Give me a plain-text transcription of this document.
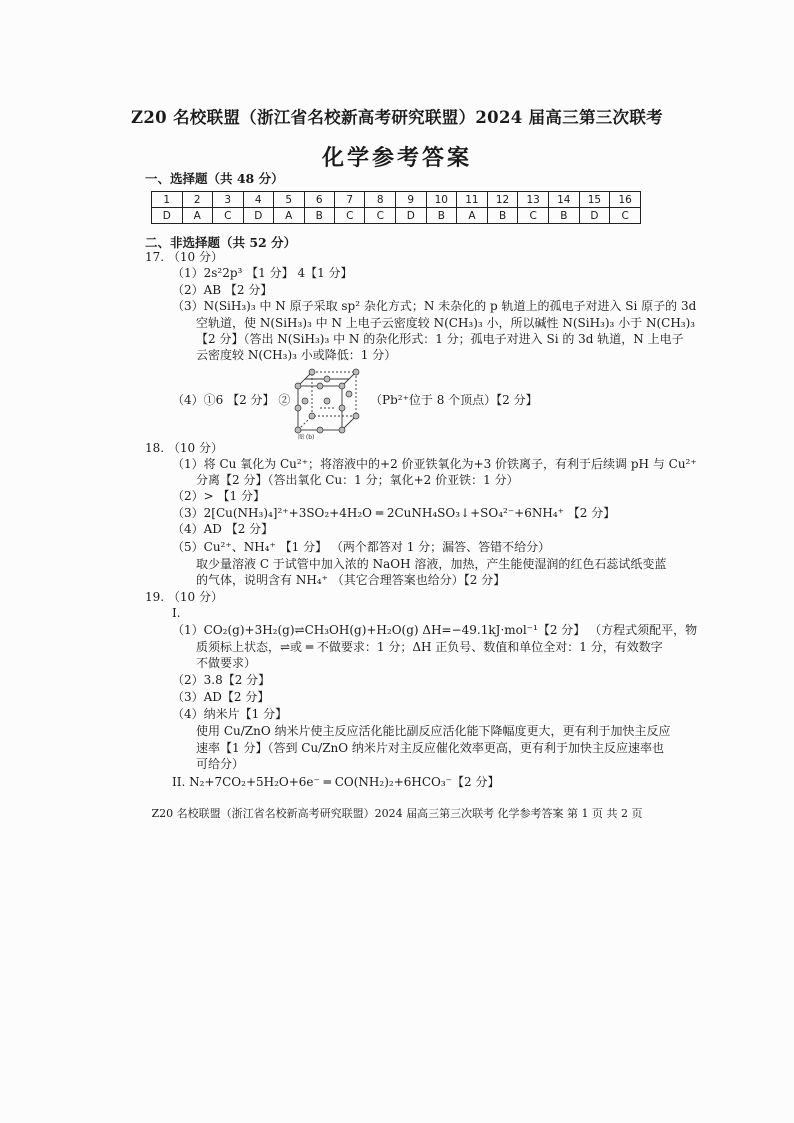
Z20 名校联盟（浙江省名校新高考研究联盟）2024 届高三第三次联考
化学参考答案
一、选择题（共 48 分）
1	2	3	4	5	6	7	8	9	10	11	12	13	14	15	16
D	A	C	D	A	B	C	C	D	B	A	B	C	B	D	C
二、非选择题（共 52 分）
17. （10 分）
（1）2s²2p³ 【1 分】 4【1 分】
（2）AB 【2 分】
（3）N(SiH₃)₃ 中 N 原子采取 sp² 杂化方式；N 未杂化的 p 轨道上的孤电子对进入 Si 原子的 3d
空轨道，使 N(SiH₃)₃ 中 N 上电子云密度较 N(CH₃)₃ 小，所以碱性 N(SiH₃)₃ 小于 N(CH₃)₃
【2 分】（答出 N(SiH₃)₃ 中 N 的杂化形式：1 分；孤电子对进入 Si 的 3d 轨道，N 上电子
云密度较 N(CH₃)₃ 小或降低：1 分）
（4）①6 【2 分】 ②
图 (b)
（Pb²⁺位于 8 个顶点）【2 分】
18. （10 分）
（1）将 Cu 氧化为 Cu²⁺；将溶液中的+2 价亚铁氧化为+3 价铁离子，有利于后续调 pH 与 Cu²⁺
分离【2 分】（答出氧化 Cu：1 分；氧化+2 价亚铁：1 分）
（2）> 【1 分】
（3）2[Cu(NH₃)₄]²⁺+3SO₂+4H₂O ═ 2CuNH₄SO₃↓+SO₄²⁻+6NH₄⁺ 【2 分】
（4）AD 【2 分】
（5）Cu²⁺、NH₄⁺ 【1 分】 （两个都答对 1 分；漏答、答错不给分）
取少量溶液 C 于试管中加入浓的 NaOH 溶液，加热，产生能使湿润的红色石蕊试纸变蓝
的气体，说明含有 NH₄⁺ （其它合理答案也给分）【2 分】
19. （10 分）
I.
（1）CO₂(g)+3H₂(g)⇌CH₃OH(g)+H₂O(g) ΔH=−49.1kJ·mol⁻¹【2 分】 （方程式须配平，物
质须标上状态，⇌或 ═ 不做要求：1 分；ΔH 正负号、数值和单位全对：1 分，有效数字
不做要求）
（2）3.8【2 分】
（3）AD【2 分】
（4）纳米片【1 分】
使用 Cu/ZnO 纳米片使主反应活化能比副反应活化能下降幅度更大，更有利于加快主反应
速率【1 分】（答到 Cu/ZnO 纳米片对主反应催化效率更高，更有利于加快主反应速率也
可给分）
II. N₂+7CO₂+5H₂O+6e⁻ ═ CO(NH₂)₂+6HCO₃⁻【2 分】
Z20 名校联盟（浙江省名校新高考研究联盟）2024 届高三第三次联考 化学参考答案 第 1 页 共 2 页
